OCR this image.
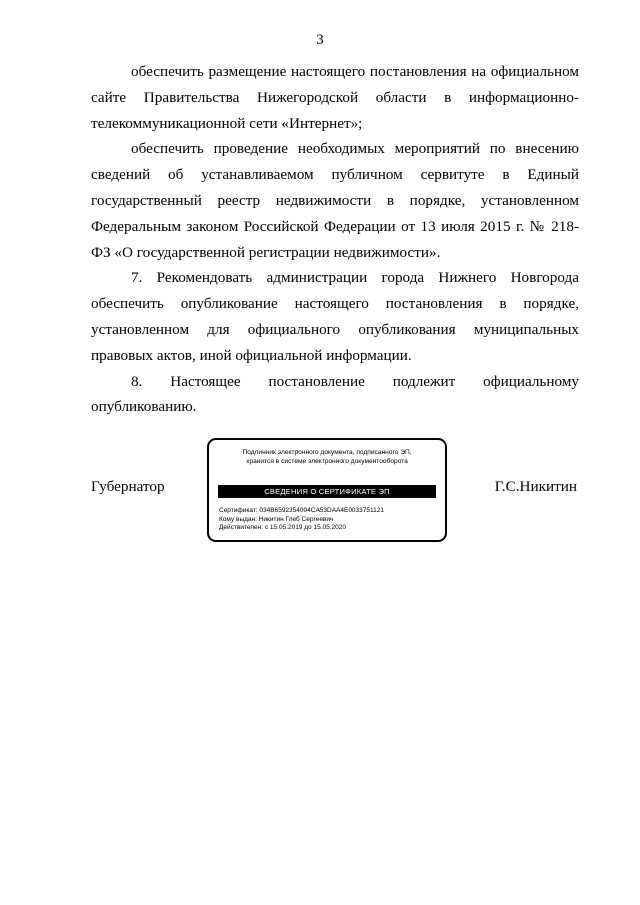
3

обеспечить размещение настоящего постановления на официальном сайте Правительства Нижегородской области в информационно-телекоммуникационной сети «Интернет»;

обеспечить проведение необходимых мероприятий по внесению сведений об устанавливаемом публичном сервитуте в Единый государственный реестр недвижимости в порядке, установленном Федеральным законом Российской Федерации от 13 июля 2015 г. № 218-ФЗ «О государственной регистрации недвижимости».

7. Рекомендовать администрации города Нижнего Новгорода обеспечить опубликование настоящего постановления в порядке, установленном для официального опубликования муниципальных правовых актов, иной официальной информации.

8. Настоящее постановление подлежит официальному опубликованию.

Губернатор
Подлинник электронного документа, подписанного ЭП,
хранится в системе электронного документооборота
СВЕДЕНИЯ О СЕРТИФИКАТЕ ЭП
Сертификат: 034B6592354004CA53DAA4E0033751121
Кому выдан: Никитин Глеб Сергеевич
Действителен: с 15.05.2019 до 15.05.2020
Г.С.Никитин
